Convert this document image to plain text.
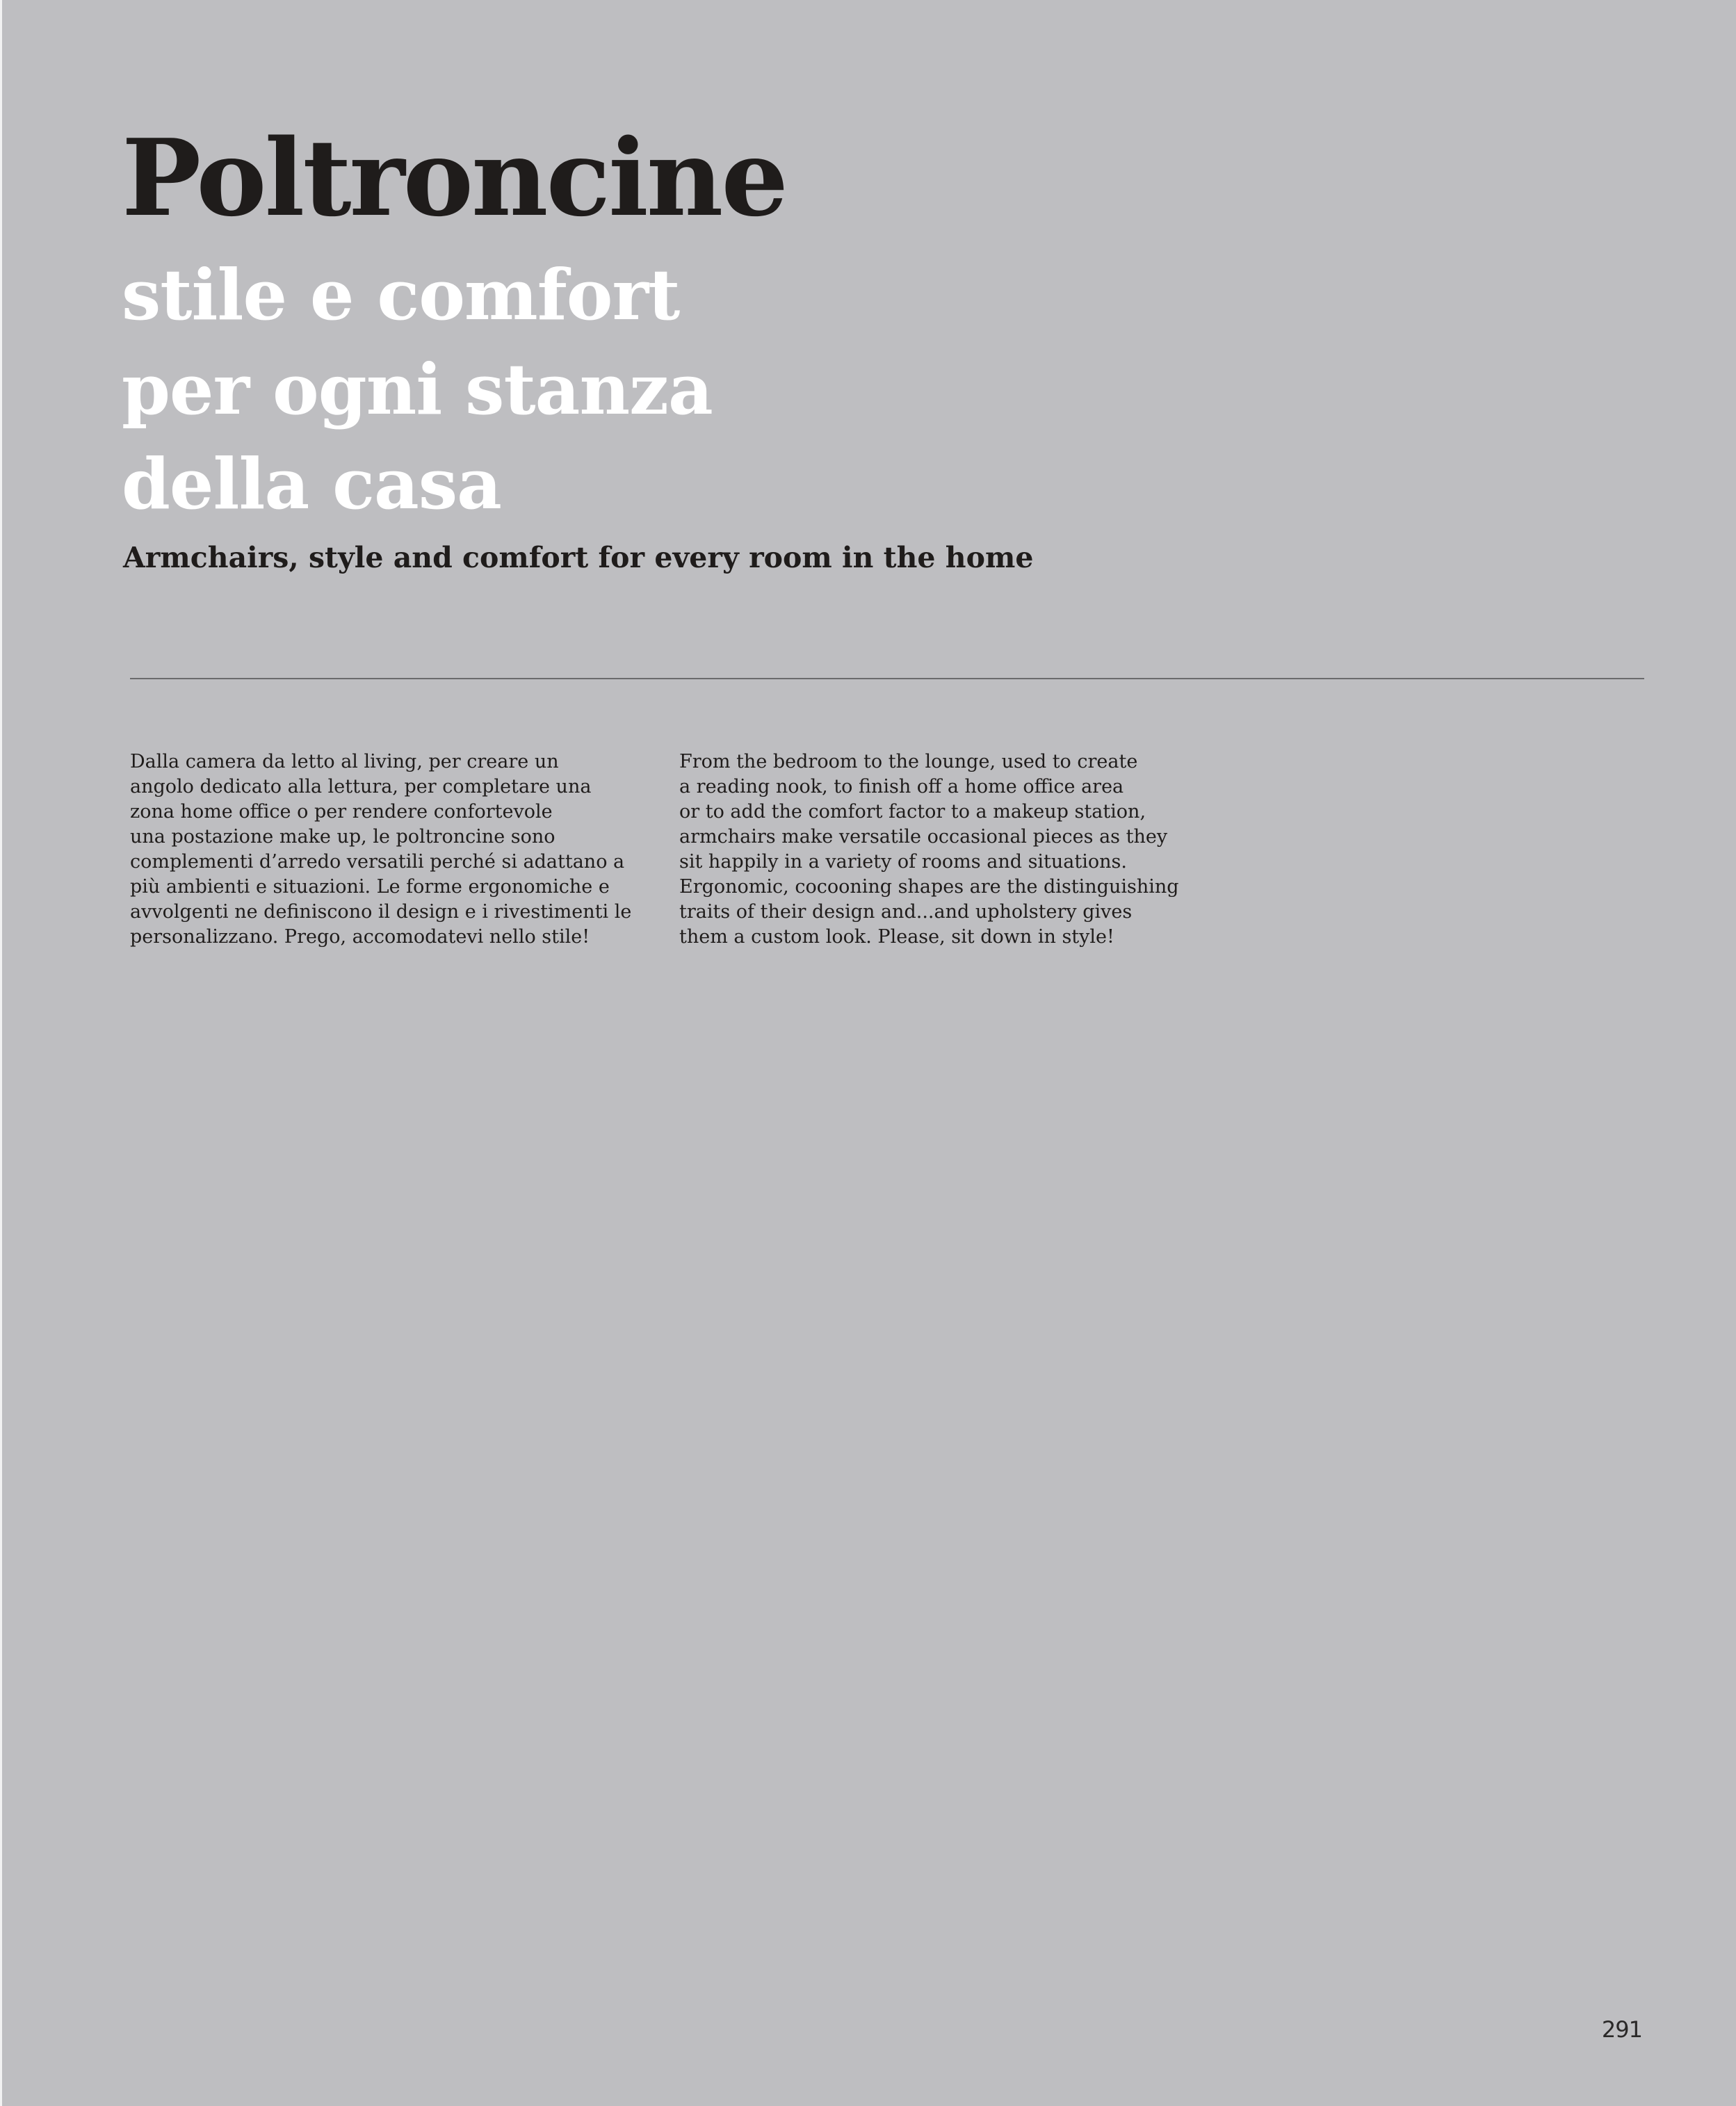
Poltroncine
stile e comfort
per ogni stanza
della casa
Armchairs, style and comfort for every room in the home
Dalla camera da letto al living, per creare un
angolo dedicato alla lettura, per completare una
zona home office o per rendere confortevole
una postazione make up, le poltroncine sono
complementi d’arredo versatili perché si adattano a
più ambienti e situazioni. Le forme ergonomiche e
avvolgenti ne definiscono il design e i rivestimenti le
personalizzano. Prego, accomodatevi nello stile!
From the bedroom to the lounge, used to create
a reading nook, to finish off a home office area
or to add the comfort factor to a makeup station,
armchairs make versatile occasional pieces as they
sit happily in a variety of rooms and situations.
Ergonomic, cocooning shapes are the distinguishing
traits of their design and...and upholstery gives
them a custom look. Please, sit down in style!
291
